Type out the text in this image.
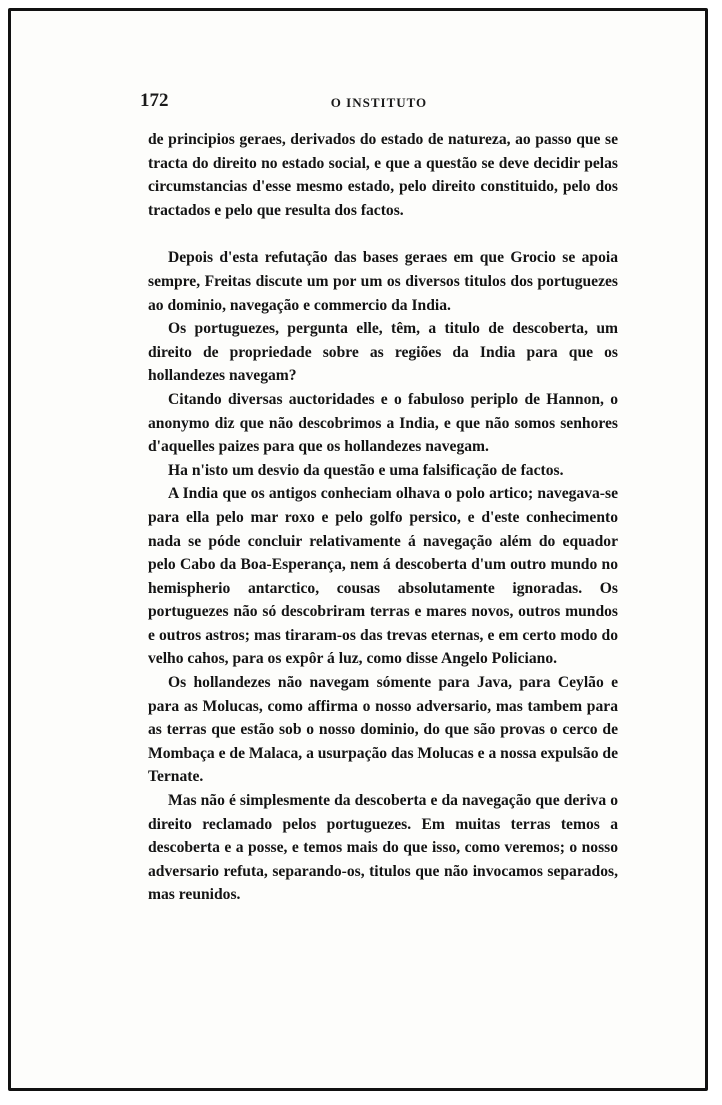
172	O INSTITUTO

de principios geraes, derivados do estado de natureza, ao passo que se tracta do direito no estado social, e que a questão se deve decidir pelas circumstancias d'esse mesmo estado, pelo direito constituido, pelo dos tractados e pelo que resulta dos factos.

Depois d'esta refutação das bases geraes em que Grocio se apoia sempre, Freitas discute um por um os diversos titulos dos portuguezes ao dominio, navegação e commercio da India.

Os portuguezes, pergunta elle, têm, a titulo de descoberta, um direito de propriedade sobre as regiões da India para que os hollandezes navegam?

Citando diversas auctoridades e o fabuloso periplo de Hannon, o anonymo diz que não descobrimos a India, e que não somos senhores d'aquelles paizes para que os hollandezes navegam.

Ha n'isto um desvio da questão e uma falsificação de factos.

A India que os antigos conheciam olhava o polo artico; navegava-se para ella pelo mar roxo e pelo golfo persico, e d'este conhecimento nada se póde concluir relativamente á navegação além do equador pelo Cabo da Boa-Esperança, nem á descoberta d'um outro mundo no hemispherio antarctico, cousas absolutamente ignoradas. Os portuguezes não só descobriram terras e mares novos, outros mundos e outros astros; mas tiraram-os das trevas eternas, e em certo modo do velho cahos, para os expôr á luz, como disse Angelo Policiano.

Os hollandezes não navegam sómente para Java, para Ceylão e para as Molucas, como affirma o nosso adversario, mas tambem para as terras que estão sob o nosso dominio, do que são provas o cerco de Mombaça e de Malaca, a usurpação das Molucas e a nossa expulsão de Ternate.

Mas não é simplesmente da descoberta e da navegação que deriva o direito reclamado pelos portuguezes. Em muitas terras temos a descoberta e a posse, e temos mais do que isso, como veremos; o nosso adversario refuta, separando-os, titulos que não invocamos separados, mas reunidos.
